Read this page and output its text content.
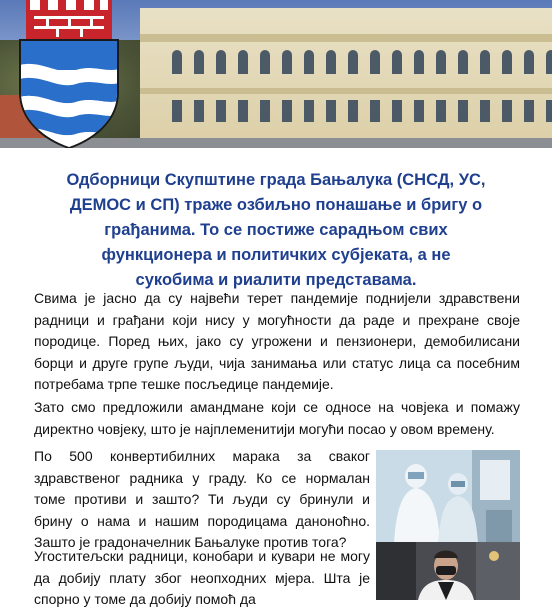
Одборници Скупштине града Бањалука (СНСД, УС,
ДЕМОС и СП) траже озбиљно понашање и бригу о
грађанима. То се постиже сарадњом свих
функционера и политичких субјеката, а не
сукобима и риалити представама.

Свима је јасно да су највећи терет пандемије поднијели здравствени радници и грађани који нису у могућности да раде и прехране своје породице. Поред њих, јако су угрожени и пензионери, демобилисани борци и друге групе људи, чија занимања или статус лица са посебним потребама трпе тешке посљедице пандемије.

Зато смо предложили амандмане који се односе на човјека и помажу директно човјеку, што је најплеменитији могући посао у овом времену.

По 500 конвертибилних марака за сваког здравственог радника у граду. Ко се нормалан томе противи и зашто? Ти људи су бринули и брину о нама и нашим породицама даноноћно. Зашто је градоначелник Бањалуке против тога?

Угоститељски радници, конобари и кувари не могу да добију плату због неопходних мјера. Шта је спорно у томе да добију помоћ да
